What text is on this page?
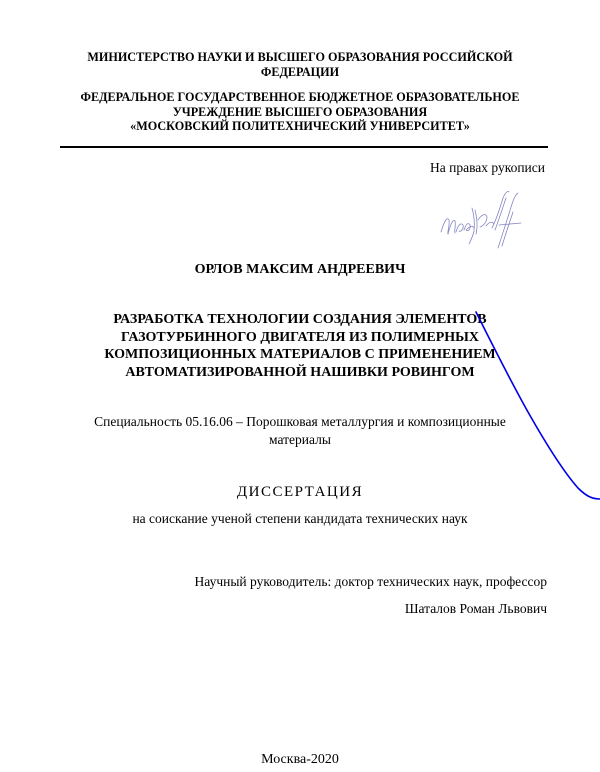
МИНИСТЕРСТВО НАУКИ И ВЫСШЕГО ОБРАЗОВАНИЯ РОССИЙСКОЙ
ФЕДЕРАЦИИ
ФЕДЕРАЛЬНОЕ ГОСУДАРСТВЕННОЕ БЮДЖЕТНОЕ ОБРАЗОВАТЕЛЬНОЕ
УЧРЕЖДЕНИЕ ВЫСШЕГО ОБРАЗОВАНИЯ
«МОСКОВСКИЙ ПОЛИТЕХНИЧЕСКИЙ УНИВЕРСИТЕТ»
На правах рукописи
ОРЛОВ МАКСИМ АНДРЕЕВИЧ
РАЗРАБОТКА ТЕХНОЛОГИИ СОЗДАНИЯ ЭЛЕМЕНТОВ
ГАЗОТУРБИННОГО ДВИГАТЕЛЯ ИЗ ПОЛИМЕРНЫХ
КОМПОЗИЦИОННЫХ МАТЕРИАЛОВ С ПРИМЕНЕНИЕМ
АВТОМАТИЗИРОВАННОЙ НАШИВКИ РОВИНГОМ
Специальность 05.16.06 – Порошковая металлургия и композиционные
материалы
ДИССЕРТАЦИЯ
на соискание ученой степени кандидата технических наук
Научный руководитель: доктор технических наук, профессор
Шаталов Роман Львович
Москва-2020
